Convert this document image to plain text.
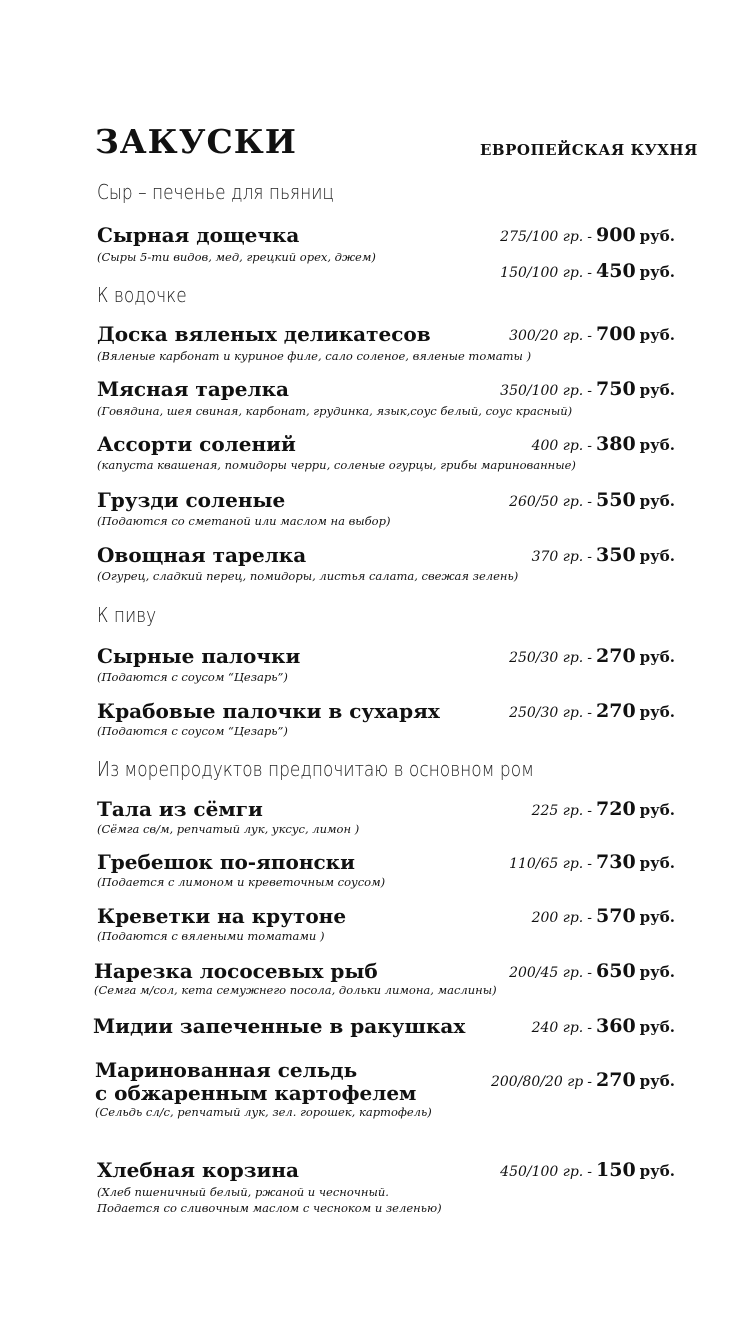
ЗАКУСКИ	ЕВРОПЕЙСКАЯ КУХНЯ
Сыр – печенье для пьяниц
Сырная дощечка
(Сыры 5-ти видов, мед, грецкий орех, джем)
275/100 гр. - 900 руб.
150/100 гр. - 450 руб.
К водочке
Доска вяленых деликатесов
(Вяленые карбонат и куриное филе, сало соленое, вяленые томаты )
300/20 гр. - 700 руб.
Мясная тарелка
(Говядина, шея свиная, карбонат, грудинка, язык,соус белый, соус красный)
350/100 гр. - 750 руб.
Ассорти солений
(капуста квашеная, помидоры черри, соленые огурцы, грибы маринованные)
400 гр. - 380 руб.
Грузди соленые
(Подаются со сметаной или маслом на выбор)
260/50 гр. - 550 руб.
Овощная тарелка
(Огурец, сладкий перец, помидоры, листья салата, свежая зелень)
370 гр. - 350 руб.
К пиву
Сырные палочки
(Подаются с соусом “Цезарь”)
250/30 гр. - 270 руб.
Крабовые палочки в сухарях
(Подаются с соусом “Цезарь”)
250/30 гр. - 270 руб.
Из морепродуктов предпочитаю в основном ром
Тала из сёмги
(Сёмга св/м, репчатый лук, уксус, лимон )
225 гр. - 720 руб.
Гребешок по-японски
(Подается с лимоном и креветочным соусом)
110/65 гр. - 730 руб.
Креветки на крутоне
(Подаются с вялеными томатами )
200 гр. - 570 руб.
Нарезка лососевых рыб
(Семга м/сол, кета семужнего посола, дольки лимона, маслины)
200/45 гр. - 650 руб.
Мидии запеченные в ракушках	240 гр. - 360 руб.
Маринованная сельдь
с обжаренным картофелем
(Сельдь сл/с, репчатый лук, зел. горошек, картофель)
200/80/20 гр - 270 руб.
Хлебная корзина
(Хлеб пшеничный белый, ржаной и чесночный.
Подается со сливочным маслом с чесноком и зеленью)
450/100 гр. - 150 руб.
